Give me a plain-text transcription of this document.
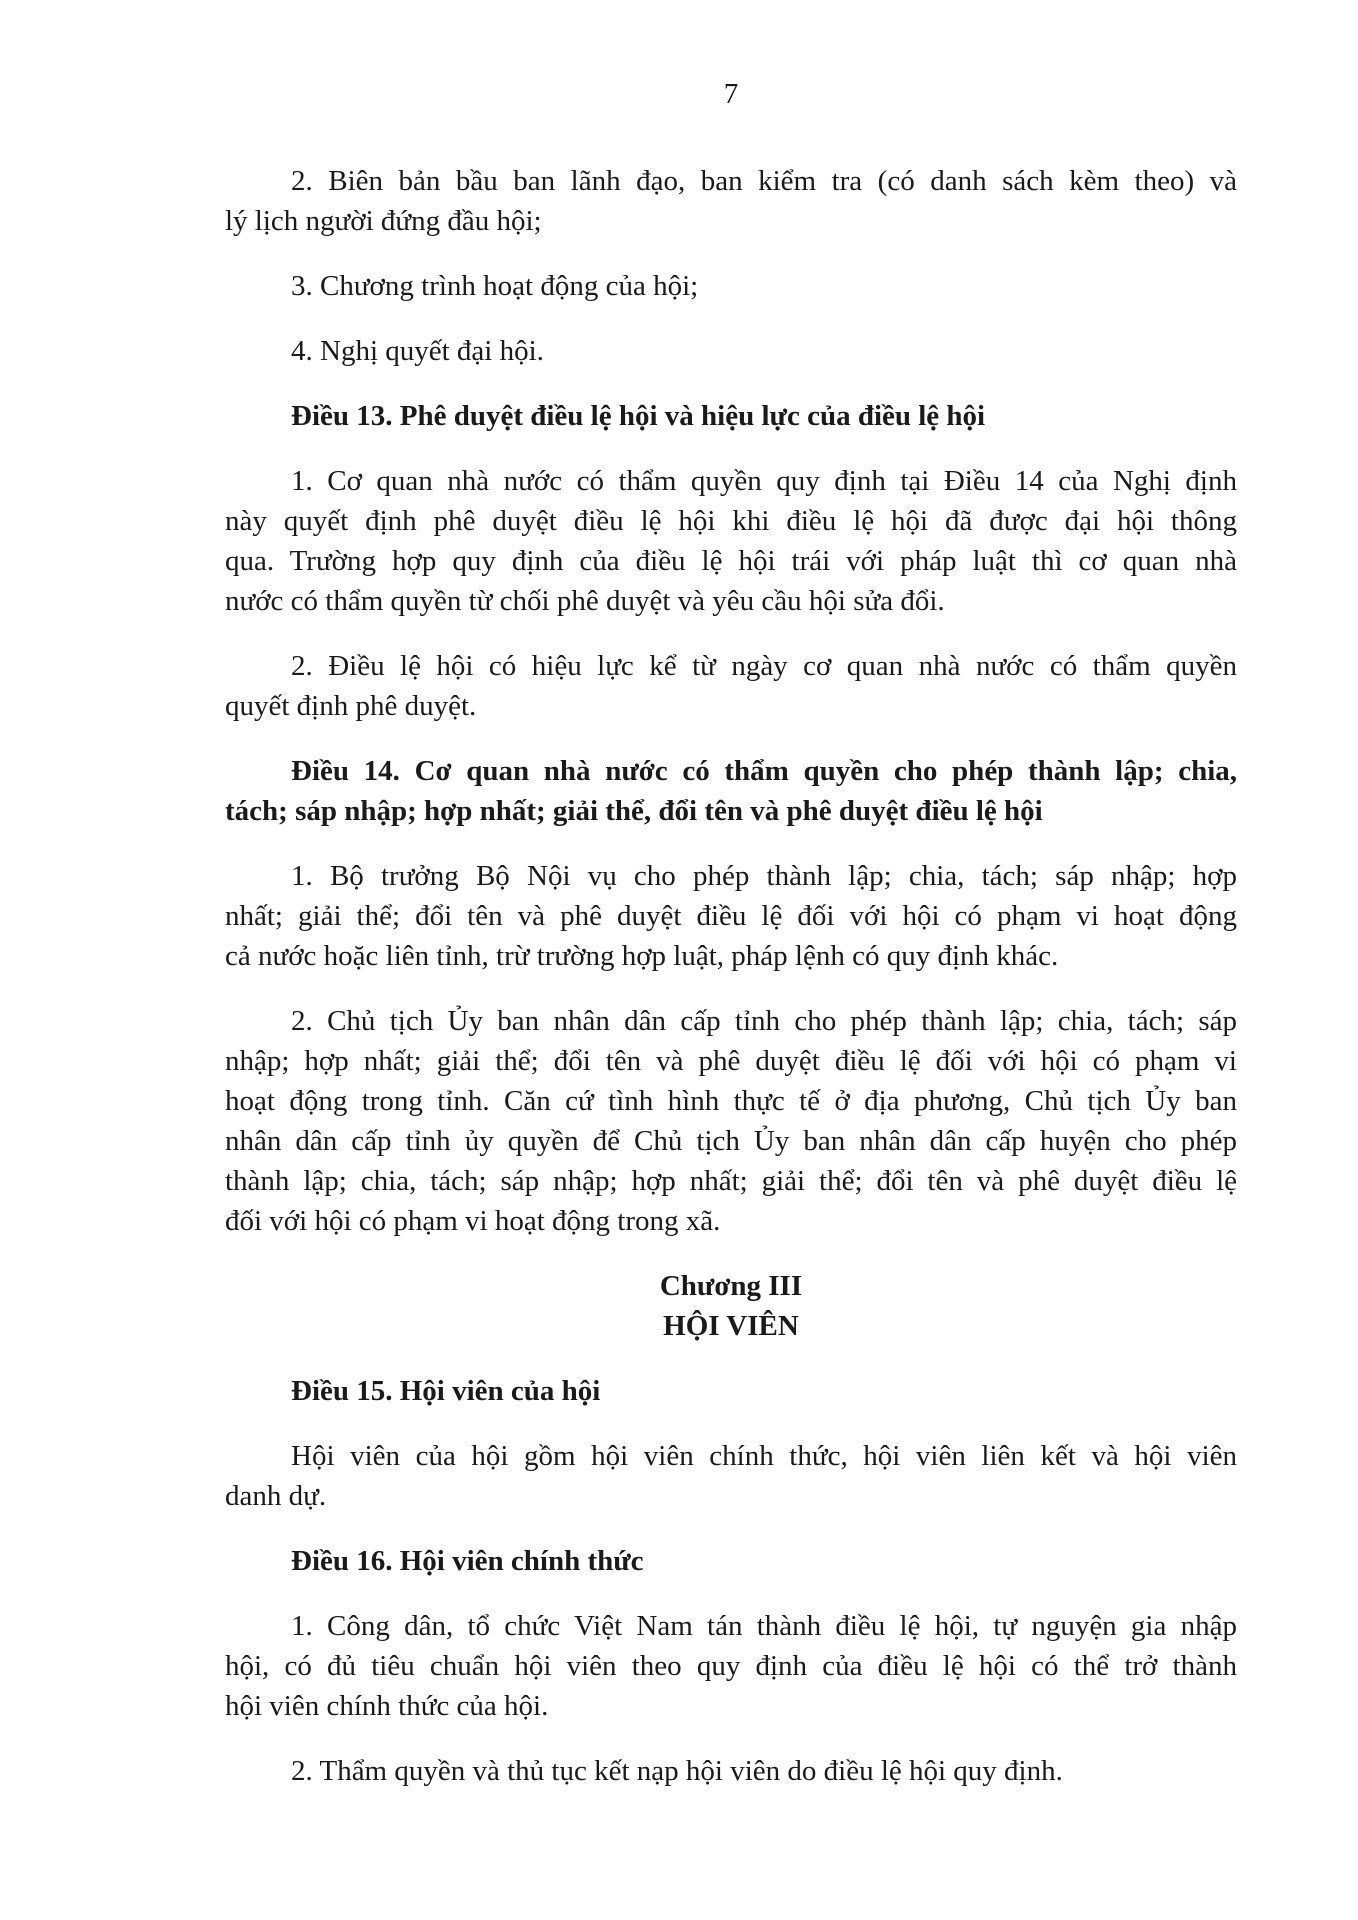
7
2. Biên bản bầu ban lãnh đạo, ban kiểm tra (có danh sách kèm theo) và
lý lịch người đứng đầu hội;
3. Chương trình hoạt động của hội;
4. Nghị quyết đại hội.
Điều 13. Phê duyệt điều lệ hội và hiệu lực của điều lệ hội
1. Cơ quan nhà nước có thẩm quyền quy định tại Điều 14 của Nghị định
này quyết định phê duyệt điều lệ hội khi điều lệ hội đã được đại hội thông
qua. Trường hợp quy định của điều lệ hội trái với pháp luật thì cơ quan nhà
nước có thẩm quyền từ chối phê duyệt và yêu cầu hội sửa đổi.
2. Điều lệ hội có hiệu lực kể từ ngày cơ quan nhà nước có thẩm quyền
quyết định phê duyệt.
Điều 14. Cơ quan nhà nước có thẩm quyền cho phép thành lập; chia,
tách; sáp nhập; hợp nhất; giải thể, đổi tên và phê duyệt điều lệ hội
1. Bộ trưởng Bộ Nội vụ cho phép thành lập; chia, tách; sáp nhập; hợp
nhất; giải thể; đổi tên và phê duyệt điều lệ đối với hội có phạm vi hoạt động
cả nước hoặc liên tỉnh, trừ trường hợp luật, pháp lệnh có quy định khác.
2. Chủ tịch Ủy ban nhân dân cấp tỉnh cho phép thành lập; chia, tách; sáp
nhập; hợp nhất; giải thể; đổi tên và phê duyệt điều lệ đối với hội có phạm vi
hoạt động trong tỉnh. Căn cứ tình hình thực tế ở địa phương, Chủ tịch Ủy ban
nhân dân cấp tỉnh ủy quyền để Chủ tịch Ủy ban nhân dân cấp huyện cho phép
thành lập; chia, tách; sáp nhập; hợp nhất; giải thể; đổi tên và phê duyệt điều lệ
đối với hội có phạm vi hoạt động trong xã.
Chương III
HỘI VIÊN
Điều 15. Hội viên của hội
Hội viên của hội gồm hội viên chính thức, hội viên liên kết và hội viên
danh dự.
Điều 16. Hội viên chính thức
1. Công dân, tổ chức Việt Nam tán thành điều lệ hội, tự nguyện gia nhập
hội, có đủ tiêu chuẩn hội viên theo quy định của điều lệ hội có thể trở thành
hội viên chính thức của hội.
2. Thẩm quyền và thủ tục kết nạp hội viên do điều lệ hội quy định.
